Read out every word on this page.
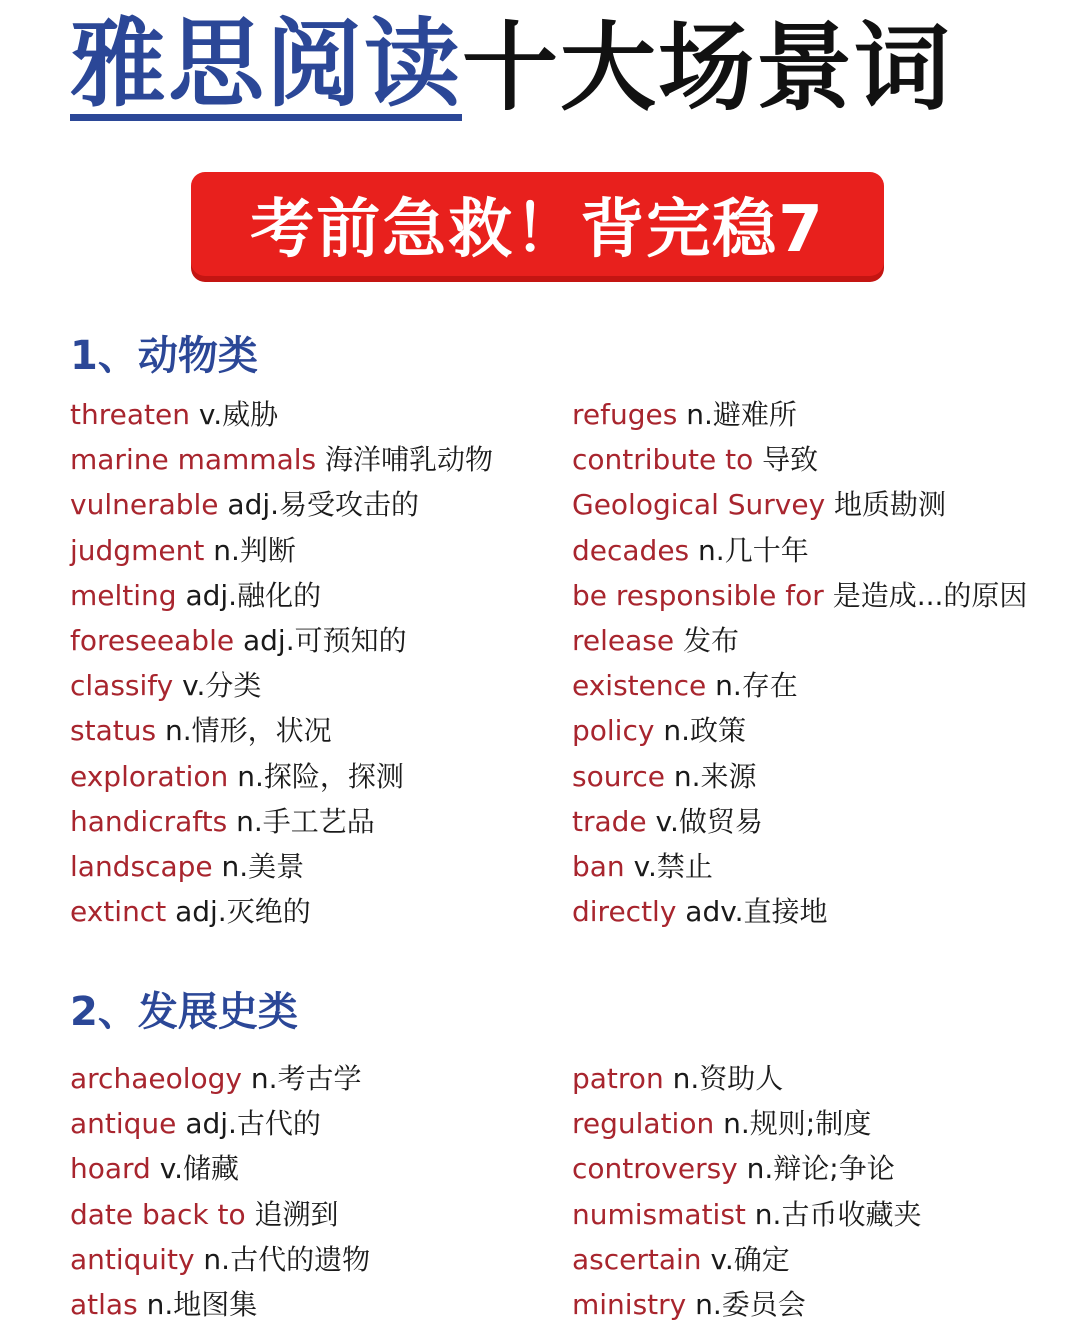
雅思阅读 十大场景词
考前急救！背完稳7
1、动物类
threaten v.威胁
marine mammals 海洋哺乳动物
vulnerable adj.易受攻击的
judgment n.判断
melting adj.融化的
foreseeable adj.可预知的
classify v.分类
status n.情形，状况
exploration n.探险，探测
handicrafts n.手工艺品
landscape n.美景
extinct adj.灭绝的
refuges n.避难所
contribute to 导致
Geological Survey 地质勘测
decades n.几十年
be responsible for 是造成...的原因
release 发布
existence n.存在
policy n.政策
source n.来源
trade v.做贸易
ban v.禁止
directly adv.直接地
2、发展史类
archaeology n.考古学
antique adj.古代的
hoard v.储藏
date back to 追溯到
antiquity n.古代的遗物
atlas n.地图集
patron n.资助人
regulation n.规则;制度
controversy n.辩论;争论
numismatist n.古币收藏夹
ascertain v.确定
ministry n.委员会
